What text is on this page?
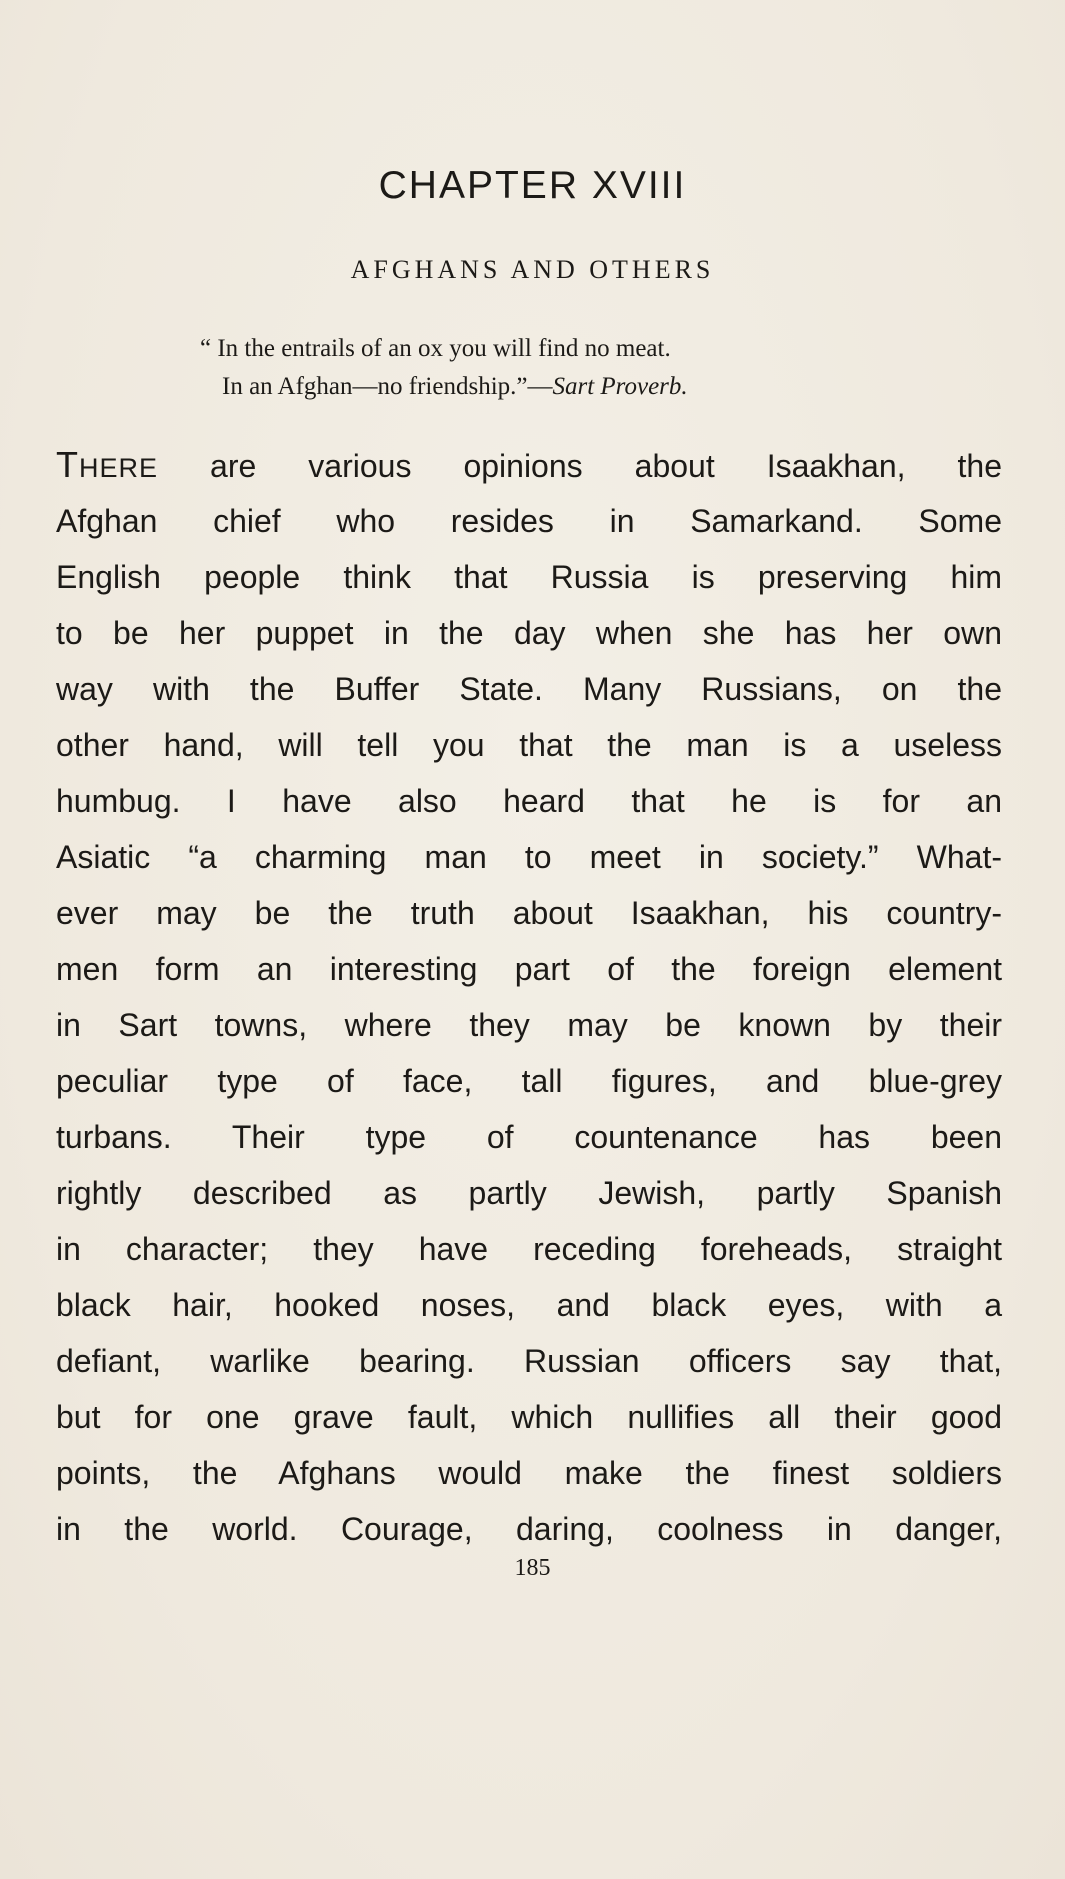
CHAPTER XVIII
AFGHANS AND OTHERS
“ In the entrails of an ox you will find no meat.
In an Afghan—no friendship.”—Sart Proverb.
THERE are various opinions about Isaakhan, the
Afghan chief who resides in Samarkand. Some
English people think that Russia is preserving him
to be her puppet in the day when she has her own
way with the Buffer State. Many Russians, on the
other hand, will tell you that the man is a useless
humbug. I have also heard that he is for an
Asiatic “a charming man to meet in society.” What-
ever may be the truth about Isaakhan, his country-
men form an interesting part of the foreign element
in Sart towns, where they may be known by their
peculiar type of face, tall figures, and blue-grey
turbans. Their type of countenance has been
rightly described as partly Jewish, partly Spanish
in character; they have receding foreheads, straight
black hair, hooked noses, and black eyes, with a
defiant, warlike bearing. Russian officers say that,
but for one grave fault, which nullifies all their good
points, the Afghans would make the finest soldiers
in the world. Courage, daring, coolness in danger,
185
